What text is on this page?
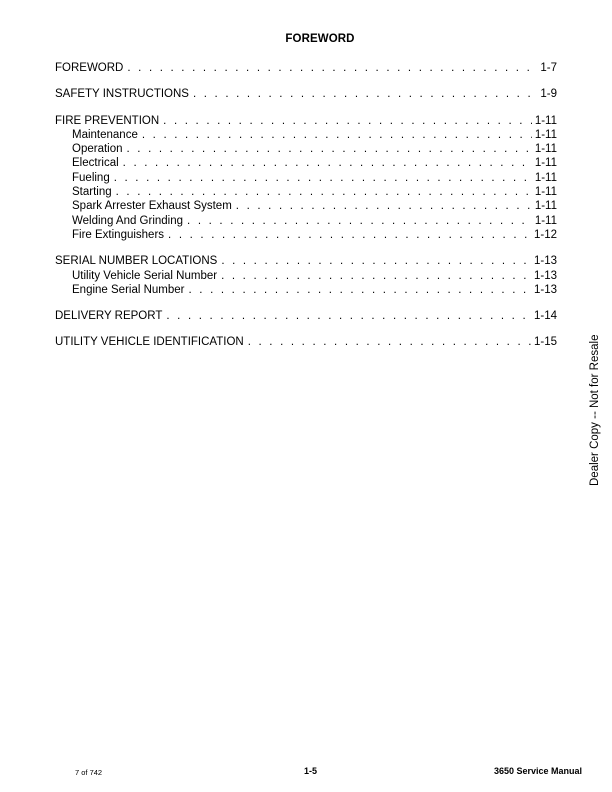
FOREWORD
FOREWORD . . .	1-7
SAFETY INSTRUCTIONS . . .	1-9
FIRE PREVENTION . . .	1-11
Maintenance . . .	1-11
Operation . . .	1-11
Electrical . . .	1-11
Fueling . . .	1-11
Starting . . .	1-11
Spark Arrester Exhaust System . . .	1-11
Welding And Grinding . . .	1-11
Fire Extinguishers . . .	1-12
SERIAL NUMBER LOCATIONS . . .	1-13
Utility Vehicle Serial Number . . .	1-13
Engine Serial Number . . .	1-13
DELIVERY REPORT . . .	1-14
UTILITY VEHICLE IDENTIFICATION . . .	1-15	Dealer Copy -- Not for Resale
7 of 742	1-5	3650 Service Manual
